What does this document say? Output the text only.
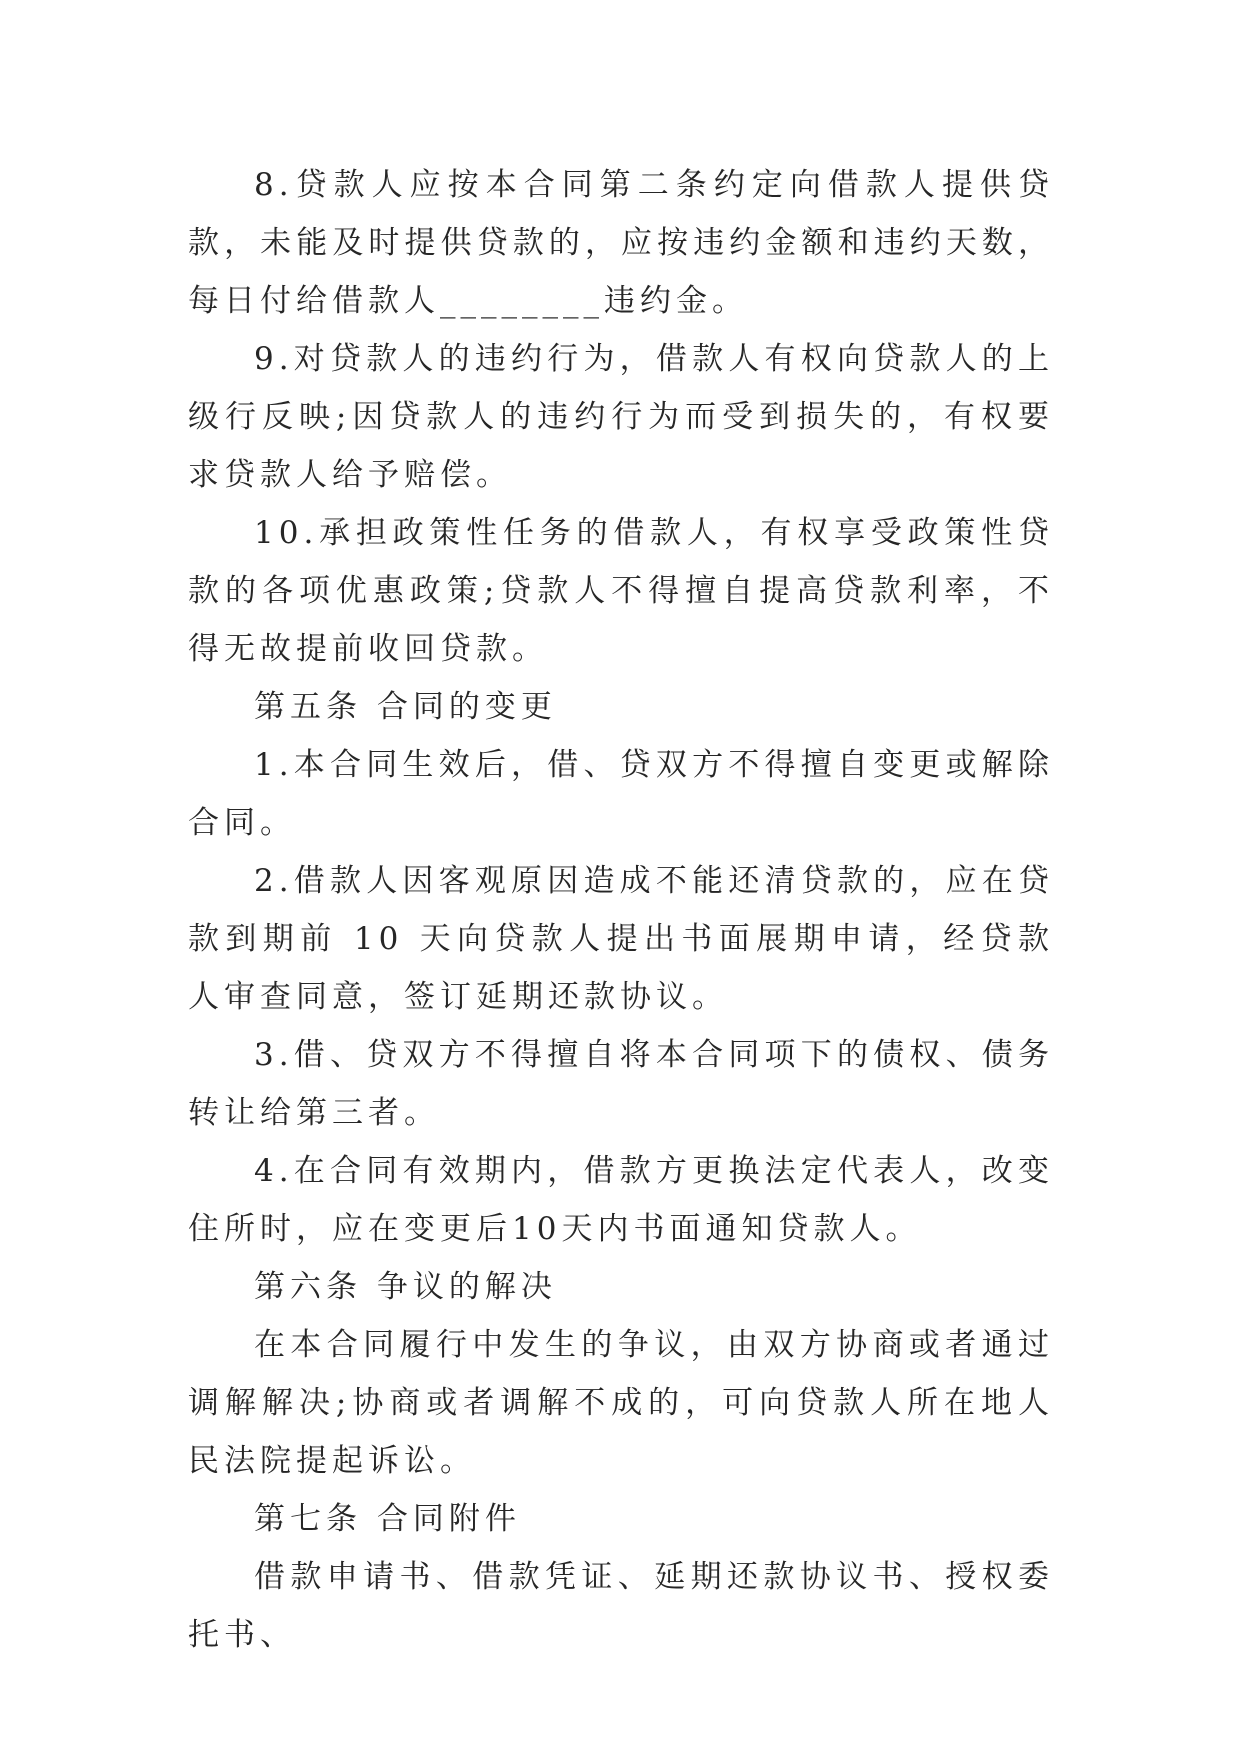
8.贷款人应按本合同第二条约定向借款人提供贷款，未能及时提供贷款的，应按违约金额和违约天数，每日付给借款人________违约金。

9.对贷款人的违约行为，借款人有权向贷款人的上级行反映;因贷款人的违约行为而受到损失的，有权要求贷款人给予赔偿。

10.承担政策性任务的借款人，有权享受政策性贷款的各项优惠政策;贷款人不得擅自提高贷款利率，不得无故提前收回贷款。

第五条 合同的变更

1.本合同生效后，借、贷双方不得擅自变更或解除合同。

2.借款人因客观原因造成不能还清贷款的，应在贷款到期前 10 天向贷款人提出书面展期申请，经贷款人审查同意，签订延期还款协议。

3.借、贷双方不得擅自将本合同项下的债权、债务转让给第三者。

4.在合同有效期内，借款方更换法定代表人，改变住所时，应在变更后10天内书面通知贷款人。

第六条 争议的解决

在本合同履行中发生的争议，由双方协商或者通过调解解决;协商或者调解不成的，可向贷款人所在地人民法院提起诉讼。

第七条 合同附件

借款申请书、借款凭证、延期还款协议书、授权委托书、
